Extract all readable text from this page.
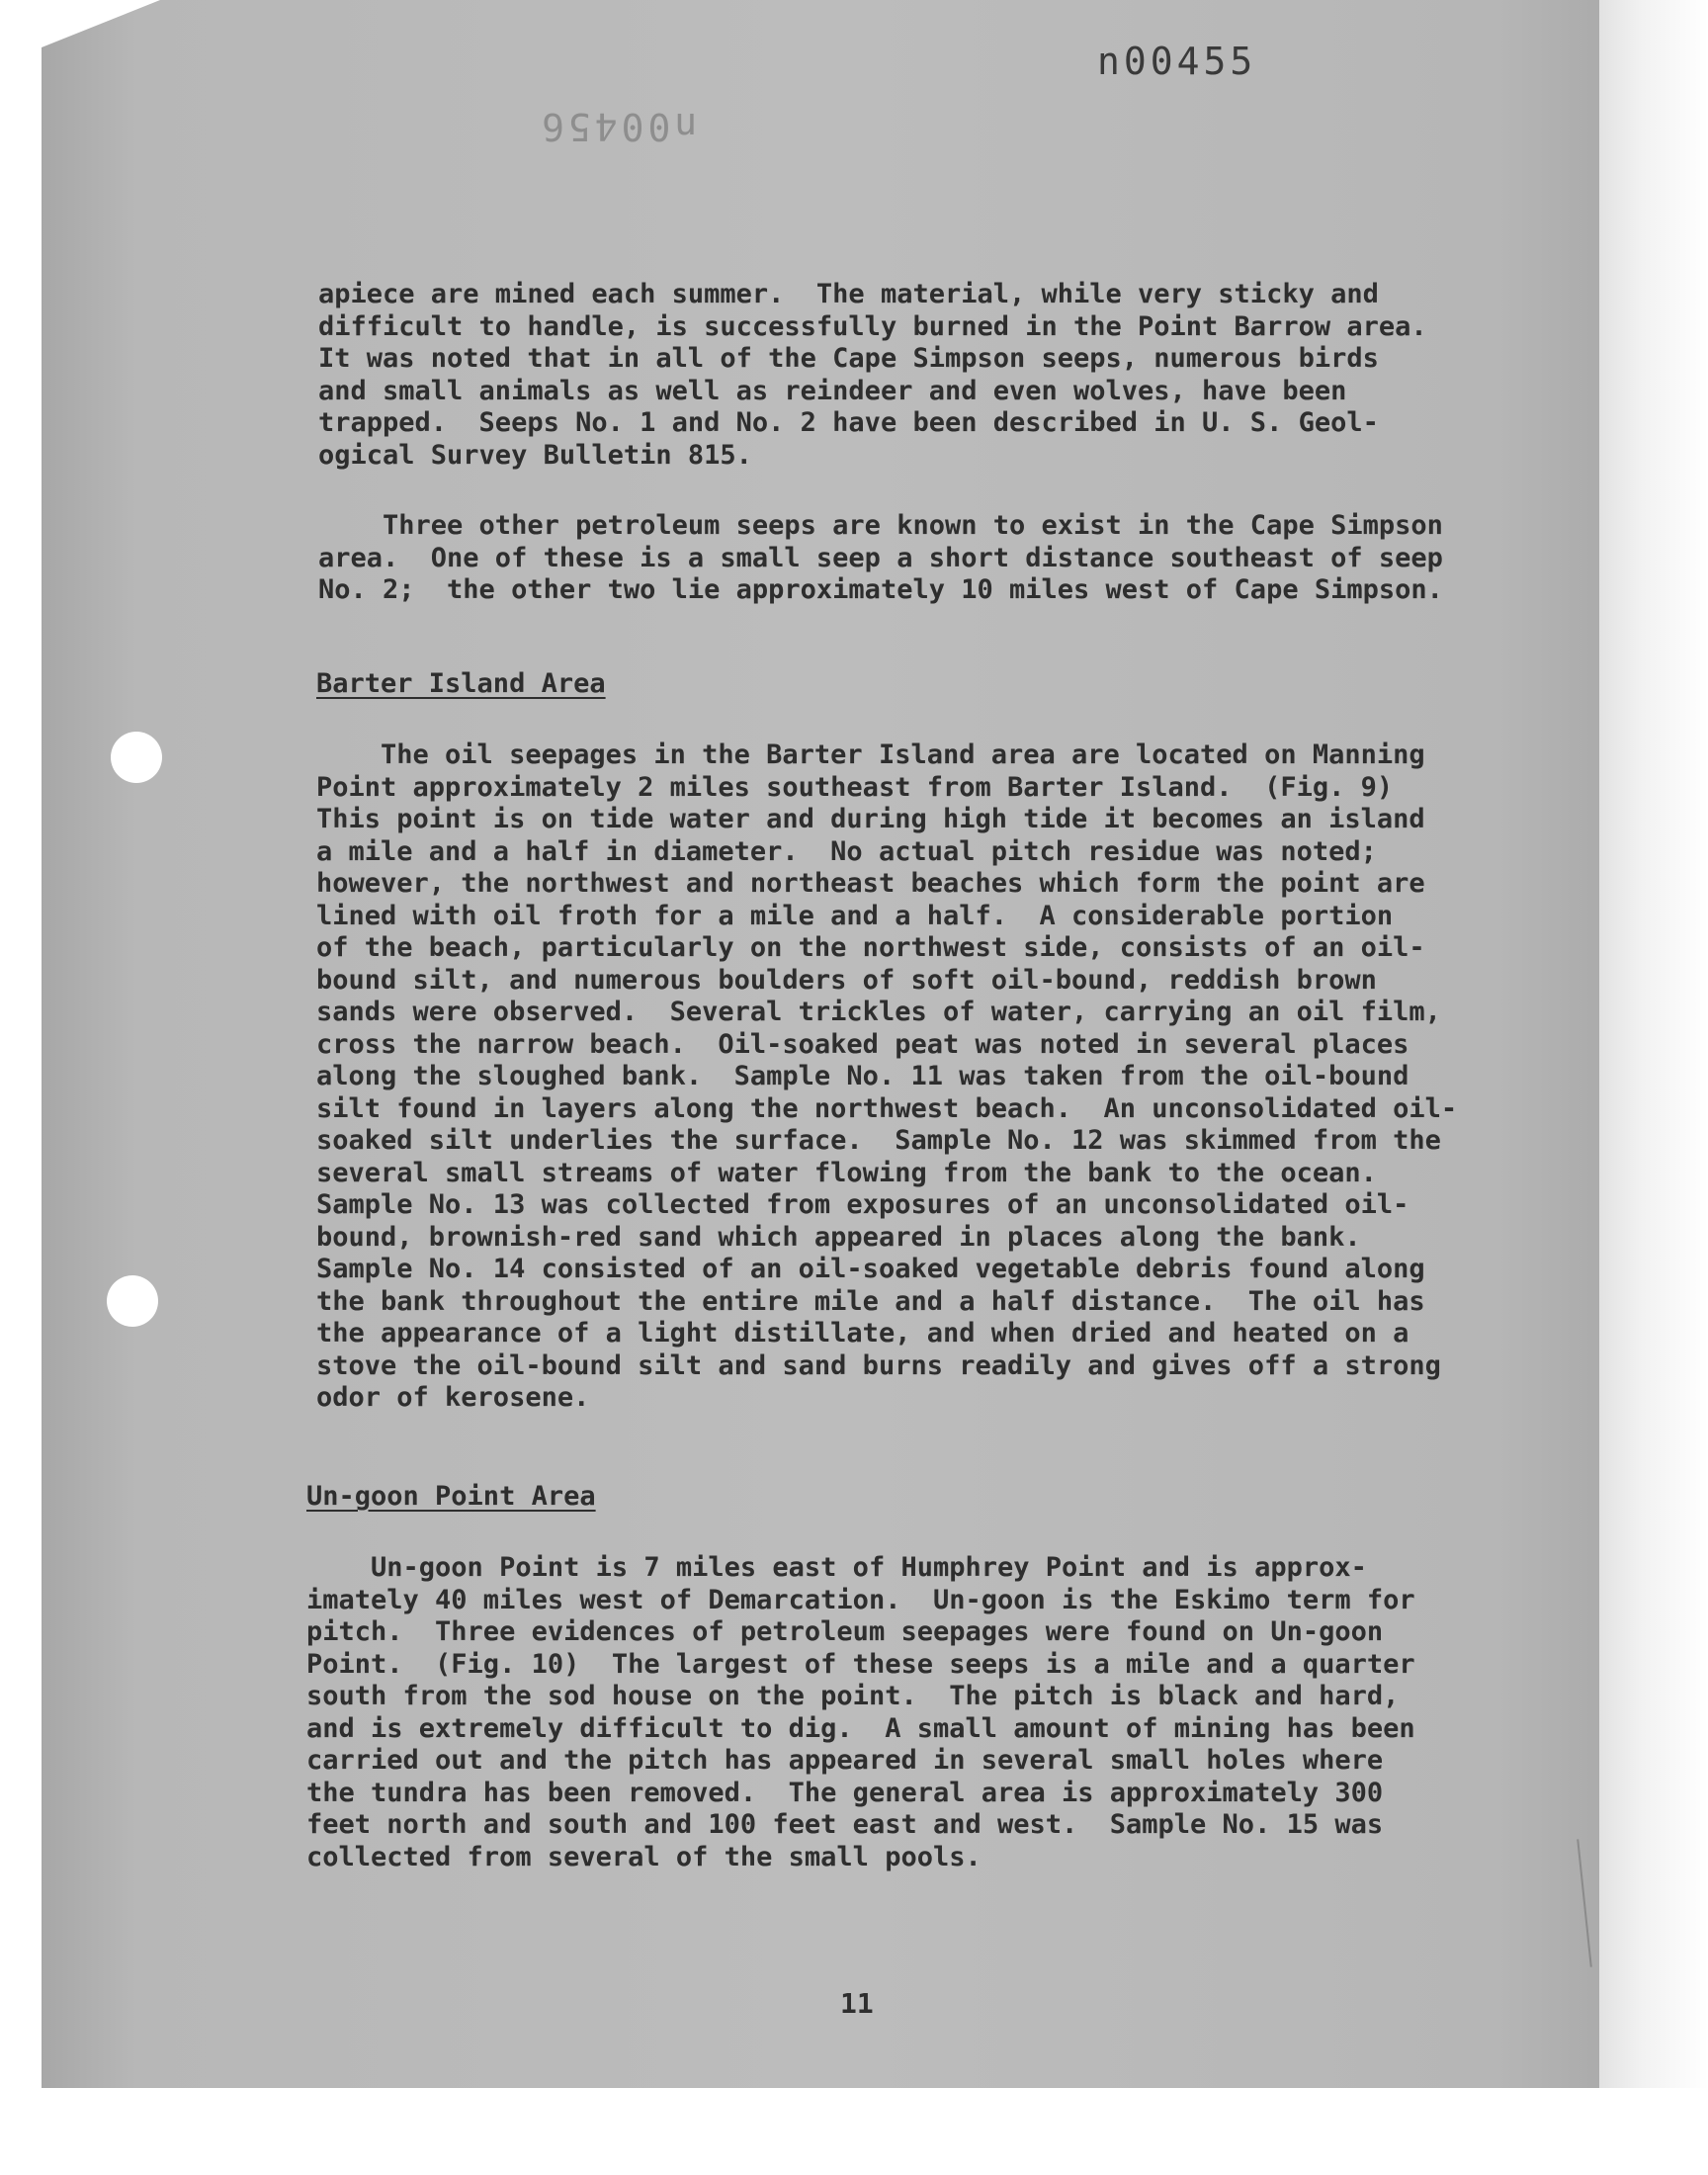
n00455
n00456

apiece are mined each summer.  The material, while very sticky and
difficult to handle, is successfully burned in the Point Barrow area.
It was noted that in all of the Cape Simpson seeps, numerous birds
and small animals as well as reindeer and even wolves, have been
trapped.  Seeps No. 1 and No. 2 have been described in U. S. Geol-
ogical Survey Bulletin 815.

Three other petroleum seeps are known to exist in the Cape Simpson
area.  One of these is a small seep a short distance southeast of seep
No. 2;  the other two lie approximately 10 miles west of Cape Simpson.

Barter Island Area

The oil seepages in the Barter Island area are located on Manning
Point approximately 2 miles southeast from Barter Island.  (Fig. 9)
This point is on tide water and during high tide it becomes an island
a mile and a half in diameter.  No actual pitch residue was noted;
however, the northwest and northeast beaches which form the point are
lined with oil froth for a mile and a half.  A considerable portion
of the beach, particularly on the northwest side, consists of an oil-
bound silt, and numerous boulders of soft oil-bound, reddish brown
sands were observed.  Several trickles of water, carrying an oil film,
cross the narrow beach.  Oil-soaked peat was noted in several places
along the sloughed bank.  Sample No. 11 was taken from the oil-bound
silt found in layers along the northwest beach.  An unconsolidated oil-
soaked silt underlies the surface.  Sample No. 12 was skimmed from the
several small streams of water flowing from the bank to the ocean.
Sample No. 13 was collected from exposures of an unconsolidated oil-
bound, brownish-red sand which appeared in places along the bank.
Sample No. 14 consisted of an oil-soaked vegetable debris found along
the bank throughout the entire mile and a half distance.  The oil has
the appearance of a light distillate, and when dried and heated on a
stove the oil-bound silt and sand burns readily and gives off a strong
odor of kerosene.

Un-goon Point Area

Un-goon Point is 7 miles east of Humphrey Point and is approx-
imately 40 miles west of Demarcation.  Un-goon is the Eskimo term for
pitch.  Three evidences of petroleum seepages were found on Un-goon
Point.  (Fig. 10)  The largest of these seeps is a mile and a quarter
south from the sod house on the point.  The pitch is black and hard,
and is extremely difficult to dig.  A small amount of mining has been
carried out and the pitch has appeared in several small holes where
the tundra has been removed.  The general area is approximately 300
feet north and south and 100 feet east and west.  Sample No. 15 was
collected from several of the small pools.

11
